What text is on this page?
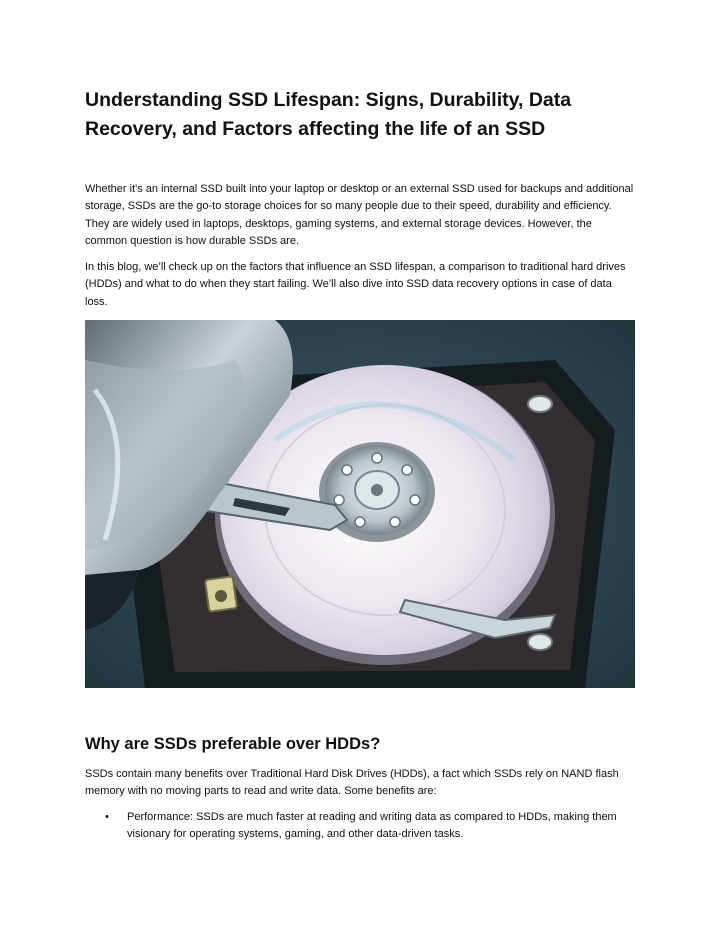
Understanding SSD Lifespan: Signs, Durability, Data Recovery, and Factors affecting the life of an SSD

Whether it's an internal SSD built into your laptop or desktop or an external SSD used for backups and additional storage, SSDs are the go-to storage choices for so many people due to their speed, durability and efficiency. They are widely used in laptops, desktops, gaming systems, and external storage devices. However, the common question is how durable SSDs are.

In this blog, we’ll check up on the factors that influence an SSD lifespan, a comparison to traditional hard drives (HDDs) and what to do when they start failing. We’ll also dive into SSD data recovery options in case of data loss.

Why are SSDs preferable over HDDs?

SSDs contain many benefits over Traditional Hard Disk Drives (HDDs), a fact which SSDs rely on NAND flash memory with no moving parts to read and write data. Some benefits are:

• Performance: SSDs are much faster at reading and writing data as compared to HDDs, making them visionary for operating systems, gaming, and other data-driven tasks.
